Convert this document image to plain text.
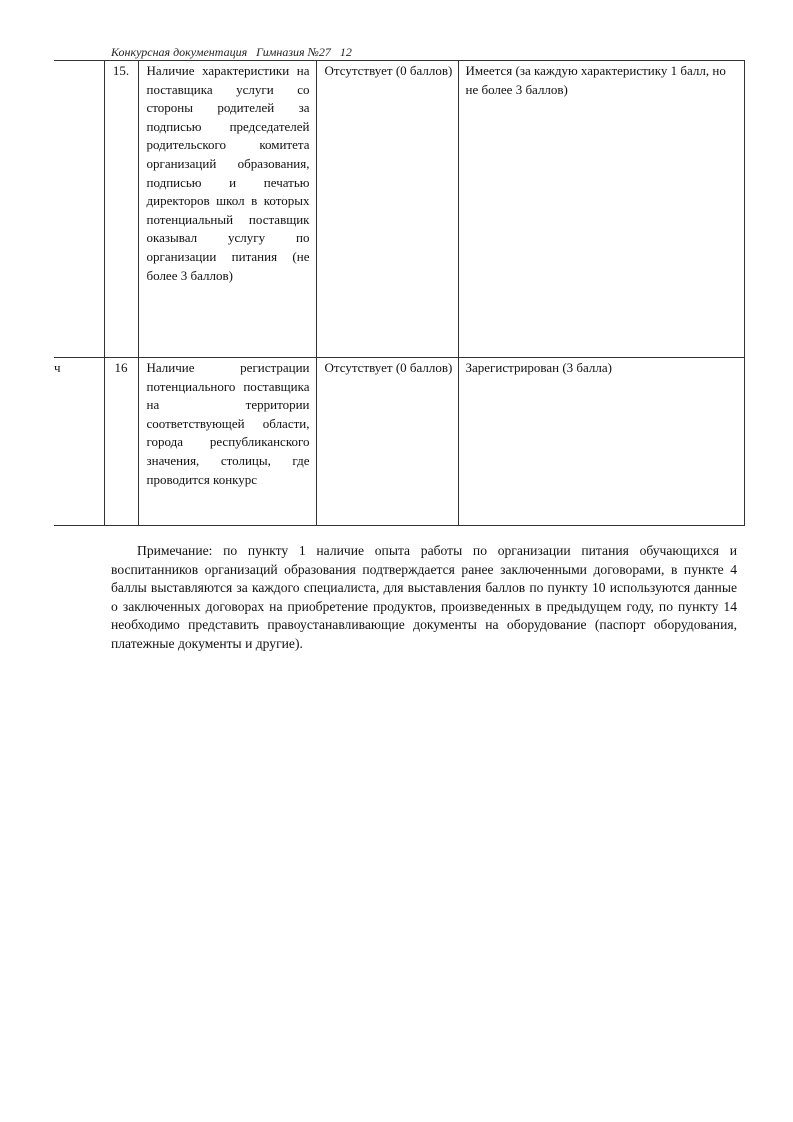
Конкурсная документация   Гимназия №27   12
	15.	Наличие характеристики на поставщика услуги со стороны родителей за подписью председателей родительского комитета организаций образования, подписью и печатью директоров школ в которых потенциальный поставщик оказывал услугу по организации питания (не более 3 баллов)	Отсутствует (0 баллов)	Имеется (за каждую характеристику 1 балл, но не более 3 баллов)
ч	16	Наличие регистрации потенциального поставщика на территории соответствующей области, города республиканского значения, столицы, где проводится конкурс	Отсутствует (0 баллов)	Зарегистрирован (3 балла)

Примечание: по пункту 1 наличие опыта работы по организации питания обучающихся и воспитанников организаций образования подтверждается ранее заключенными договорами, в пункте 4 баллы выставляются за каждого специалиста, для выставления баллов по пункту 10 используются данные о заключенных договорах на приобретение продуктов, произведенных в предыдущем году, по пункту 14 необходимо представить правоустанавливающие документы на оборудование (паспорт оборудования, платежные документы и другие).
